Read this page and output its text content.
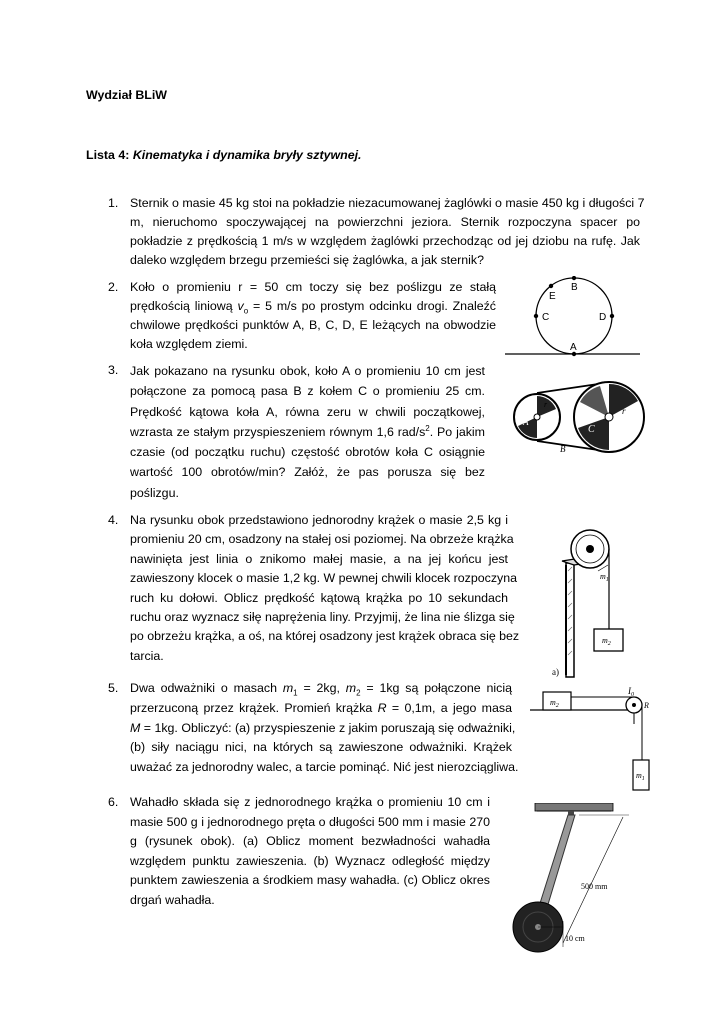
Wydział BLiW
Lista 4: Kinematyka i dynamika bryły sztywnej.
1. Sternik o masie 45 kg stoi na pokładzie niezacumowanej żaglówki o masie 450 kg i długości 7
m, nieruchomo spoczywającej na powierzchni jeziora. Sternik rozpoczyna spacer po
pokładzie z prędkością 1 m/s w względem żaglówki przechodząc od jej dziobu na rufę. Jak
daleko względem brzegu przemieści się żaglówka, a jak sternik?
2. Koło o promieniu r = 50 cm toczy się bez poślizgu ze stałą
prędkością liniową $v_o = 5$ m/s po prostym odcinku drogi. Znaleźć
chwilowe prędkości punktów A, B, C, D, E leżących na obwodzie
koła względem ziemi.
B
E
C	D
A
3. Jak pokazano na rysunku obok, koło A o promieniu 10 cm jest
połączone za pomocą pasa B z kołem C o promieniu 25 cm.
Prędkość kątowa koła A, równa zeru w chwili początkowej,
wzrasta ze stałym przyspieszeniem równym 1,6 rad/$s^2$. Po jakim
czasie (od początku ruchu) częstość obrotów koła C osiągnie
wartość 100 obrotów/min? Załóż, że pas porusza się bez
poślizgu.
r
A
r
C
B
4. Na rysunku obok przedstawiono jednorodny krążek o masie 2,5 kg i
promieniu 20 cm, osadzony na stałej osi poziomej. Na obrzeże krążka
nawinięta jest linia o znikomo małej masie, a na jej końcu jest
zawieszony klocek o masie 1,2 kg. W pewnej chwili klocek rozpoczyna
ruch ku dołowi. Oblicz prędkość kątową krążka po 10 sekundach
ruchu oraz wyznacz siłę naprężenia liny. Przyjmij, że lina nie ślizga się
po obrzeżu krążka, a oś, na której osadzony jest krążek obraca się bez
tarcia.
$m_1$
$m_2$
a)
5. Dwa odważniki o masach $m_1 = 2kg$, $m_2 = 1kg$ są połączone nicią
przerzuconą przez krążek. Promień krążka R = 0,1m, a jego masa
M = 1kg. Obliczyć: (a) przyspieszenie z jakim poruszają się odważniki,
(b) siły naciągu nici, na których są zawieszone odważniki. Krążek
uważać za jednorodny walec, a tarcie pominąć. Nić jest nierozciągliwa.
$m_2$
$I_0$
R
$m_1$
6. Wahadło składa się z jednorodnego krążka o promieniu 10 cm i
masie 500 g i jednorodnego pręta o długości 500 mm i masie 270
g (rysunek obok). (a) Oblicz moment bezwładności wahadła
względem punktu zawieszenia. (b) Wyznacz odległość między
punktem zawieszenia a środkiem masy wahadła. (c) Oblicz okres
drgań wahadła.
500 mm
10 cm
